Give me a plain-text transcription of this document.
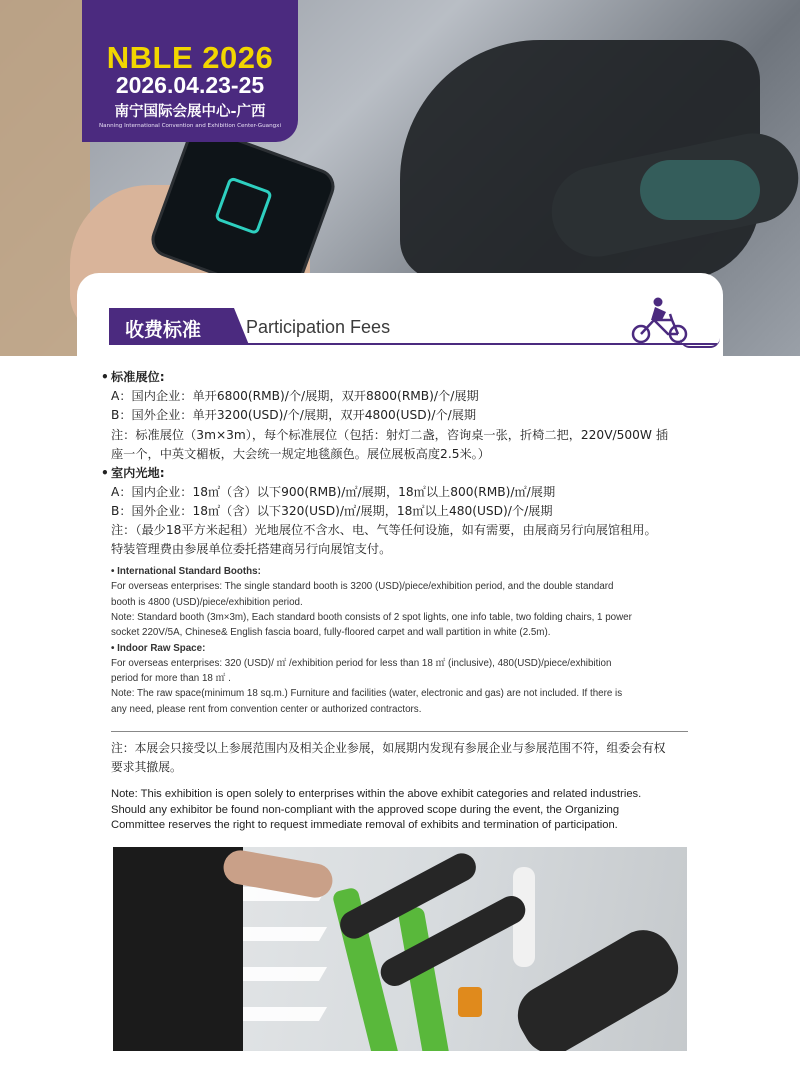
NBLE 2026
2026.04.23-25
南宁国际会展中心-广西
Nanning International Convention and Exhibition Center-Guangxi
收费标准 Participation Fees
• 标准展位:
A：国内企业：单开6800(RMB)/个/展期，双开8800(RMB)/个/展期
B：国外企业：单开3200(USD)/个/展期，双开4800(USD)/个/展期
注：标准展位（3m×3m），每个标准展位（包括：射灯二盏，咨询桌一张，折椅二把，220V/500W 插
座一个，中英文楣板，大会统一规定地毯颜色。展位展板高度2.5米。）
• 室内光地:
A：国内企业：18㎡（含）以下900(RMB)/㎡/展期，18㎡以上800(RMB)/㎡/展期
B：国外企业：18㎡（含）以下320(USD)/㎡/展期，18㎡以上480(USD)/个/展期
注：（最少18平方米起租）光地展位不含水、电、气等任何设施，如有需要，由展商另行向展馆租用。
特装管理费由参展单位委托搭建商另行向展馆支付。
• International Standard Booths:
For overseas enterprises: The single standard booth is 3200 (USD)/piece/exhibition period, and the double standard
booth is 4800 (USD)/piece/exhibition period.
Note: Standard booth (3m×3m), Each standard booth consists of 2 spot lights, one info table, two folding chairs, 1 power
socket 220V/5A, Chinese& English fascia board, fully-floored carpet and wall partition in white (2.5m).
• Indoor Raw Space:
For overseas enterprises: 320 (USD)/ ㎡ /exhibition period for less than 18 ㎡ (inclusive), 480(USD)/piece/exhibition
period for more than 18 ㎡ .
Note: The raw space(minimum 18 sq.m.) Furniture and facilities (water, electronic and gas) are not included. If there is
any need, please rent from convention center or authorized contractors.
注：本展会只接受以上参展范围内及相关企业参展，如展期内发现有参展企业与参展范围不符，组委会有权
要求其撤展。
Note: This exhibition is open solely to enterprises within the above exhibit categories and related industries.
Should any exhibitor be found non-compliant with the approved scope during the event, the Organizing
Committee reserves the right to request immediate removal of exhibits and termination of participation.
